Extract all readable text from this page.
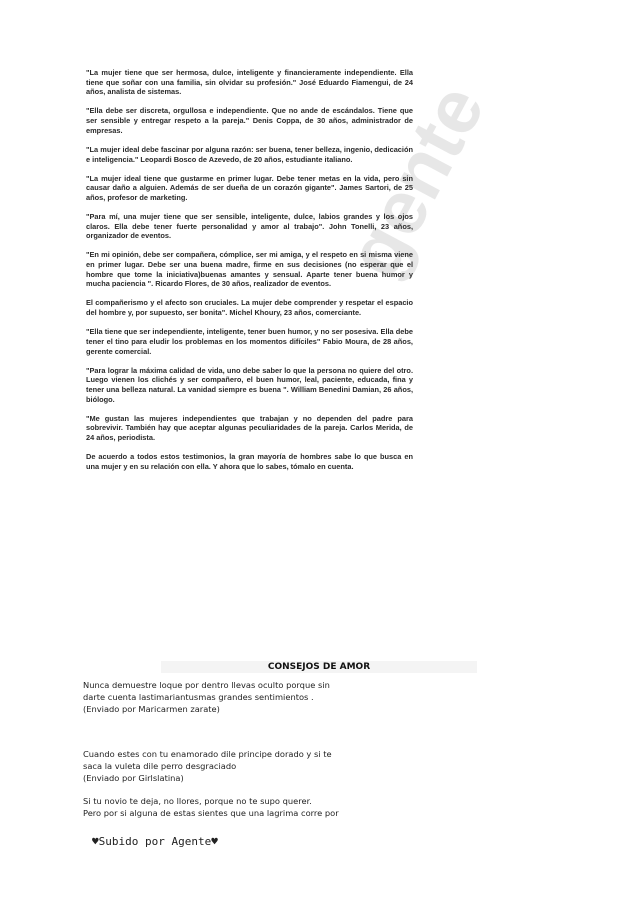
gente

"La mujer tiene que ser hermosa, dulce, inteligente y financieramente independiente. Ella tiene que soñar con una familia, sin olvidar su profesión." José Eduardo Fiamengui, de 24 años, analista de sistemas.

"Ella debe ser discreta, orgullosa e independiente. Que no ande de escándalos. Tiene que ser sensible y entregar respeto a la pareja." Denis Coppa, de 30 años, administrador de empresas.

"La mujer ideal debe fascinar por alguna razón: ser buena, tener belleza, ingenio, dedicación e inteligencia." Leopardi Bosco de Azevedo, de 20 años, estudiante italiano.

"La mujer ideal tiene que gustarme en primer lugar. Debe tener metas en la vida, pero sin causar daño a alguien. Además de ser dueña de un corazón gigante". James Sartori, de 25 años, profesor de marketing.

"Para mí, una mujer tiene que ser sensible, inteligente, dulce, labios grandes y los ojos claros. Ella debe tener fuerte personalidad y amor al trabajo". John Tonelli, 23 años, organizador de eventos.

"En mi opinión, debe ser compañera, cómplice, ser mi amiga, y el respeto en si misma viene en primer lugar. Debe ser una buena madre, firme en sus decisiones (no esperar que el hombre que tome la iniciativa)buenas amantes y sensual. Aparte tener buena humor y mucha paciencia ". Ricardo Flores, de 30 años, realizador de eventos.

El compañerismo y el afecto son cruciales. La mujer debe comprender y respetar el espacio del hombre y, por supuesto, ser bonita". Michel Khoury, 23 años, comerciante.

"Ella tiene que ser independiente, inteligente, tener buen humor, y no ser posesiva. Ella debe tener el tino para eludir los problemas en los momentos difíciles" Fabio Moura, de 28 años, gerente comercial.

"Para lograr la máxima calidad de vida, uno debe saber lo que la persona no quiere del otro. Luego vienen los clichés y ser compañero, el buen humor, leal, paciente, educada, fina y tener una belleza natural. La vanidad siempre es buena ". William Benedini Damian, 26 años, biólogo.

"Me gustan las mujeres independientes que trabajan y no dependen del padre para sobrevivir. También hay que aceptar algunas peculiaridades de la pareja. Carlos Merida, de 24 años, periodista.

De acuerdo a todos estos testimonios, la gran mayoría de hombres sabe lo que busca en una mujer y en su relación con ella. Y ahora que lo sabes, tómalo en cuenta.

CONSEJOS DE AMOR

Nunca demuestre loque por dentro llevas oculto porque sin

darte cuenta lastimariantusmas grandes sentimientos .

(Enviado por Maricarmen zarate)

Cuando estes con tu enamorado dile principe dorado y si te

saca la vuleta dile perro desgraciado

(Enviado por Girlslatina)

Si tu novio te deja, no llores, porque no te supo querer.

Pero por si alguna de estas sientes que una lagrima corre por

♥Subido por Agente♥
